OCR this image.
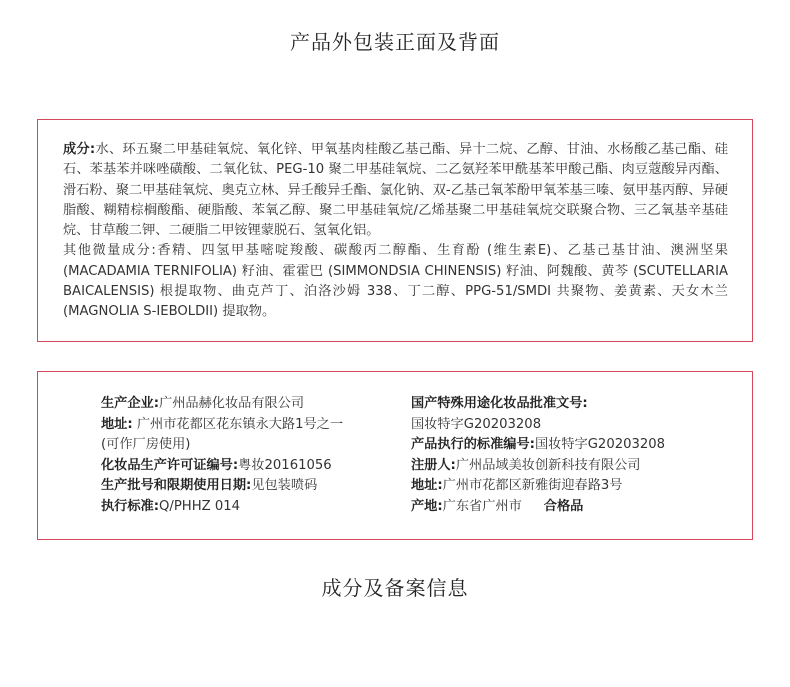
产品外包装正面及背面

成分:水、环五聚二甲基硅氧烷、氧化锌、甲氧基肉桂酸乙基己酯、异十二烷、乙醇、甘油、水杨酸乙基己酯、硅石、苯基苯并咪唑磺酸、二氧化钛、PEG-10 聚二甲基硅氧烷、二乙氨羟苯甲酰基苯甲酸己酯、肉豆蔻酸异丙酯、滑石粉、聚二甲基硅氧烷、奥克立林、异壬酸异壬酯、氯化钠、双-乙基己氧苯酚甲氧苯基三嗪、氨甲基丙醇、异硬脂酸、糊精棕榈酸酯、硬脂酸、苯氧乙醇、聚二甲基硅氧烷/乙烯基聚二甲基硅氧烷交联聚合物、三乙氧基辛基硅烷、甘草酸二钾、二硬脂二甲铵锂蒙脱石、氢氧化铝。

其他微量成分:香精、四氢甲基嘧啶羧酸、碳酸丙二醇酯、生育酚 (维生素E)、乙基己基甘油、澳洲坚果 (MACADAMIA TERNIFOLIA) 籽油、霍霍巴 (SIMMONDSIA CHINENSIS) 籽油、阿魏酸、黄芩 (SCUTELLARIA BAICALENSIS) 根提取物、曲克芦丁、泊洛沙姆 338、丁二醇、PPG-51/SMDI 共聚物、姜黄素、天女木兰 (MAGNOLIA S-IEBOLDII) 提取物。

生产企业:广州品赫化妆品有限公司
地址: 广州市花都区花东镇永大路1号之一
(可作厂房使用)
化妆品生产许可证编号:粤妆20161056
生产批号和限期使用日期:见包装喷码
执行标准:Q/PHHZ 014
国产特殊用途化妆品批准文号:
国妆特字G20203208
产品执行的标准编号:国妆特字G20203208
注册人:广州品域美妆创新科技有限公司
地址:广州市花都区新雅街迎春路3号
产地:广东省广州市 合格品
成分及备案信息
